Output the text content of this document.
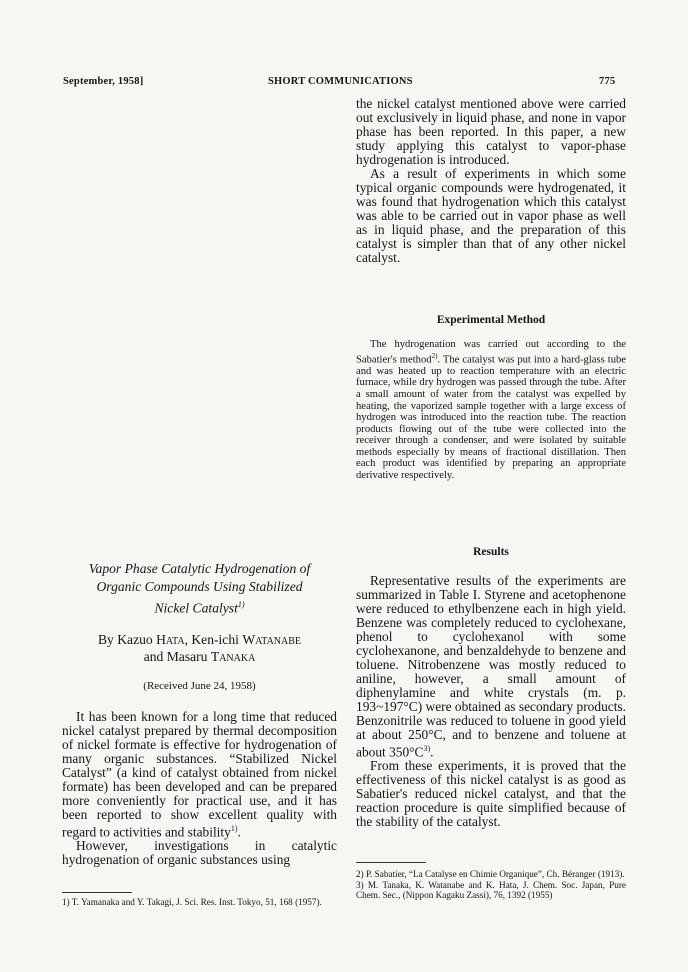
September, 1958]	SHORT COMMUNICATIONS	775

the nickel catalyst mentioned above were carried out exclusively in liquid phase, and none in vapor phase has been reported. In this paper, a new study applying this catalyst to vapor-phase hydrogenation is introduced.

As a result of experiments in which some typical organic compounds were hydrogenated, it was found that hydrogenation which this catalyst was able to be carried out in vapor phase as well as in liquid phase, and the preparation of this catalyst is simpler than that of any other nickel catalyst.

Experimental Method

The hydrogenation was carried out according to the Sabatier's method$^{2)}$. The catalyst was put into a hard-glass tube and was heated up to reaction temperature with an electric furnace, while dry hydrogen was passed through the tube. After a small amount of water from the catalyst was expelled by heating, the vaporized sample together with a large excess of hydrogen was introduced into the reaction tube. The reaction products flowing out of the tube were collected into the receiver through a condenser, and were isolated by suitable methods especially by means of fractional distillation. Then each product was identified by preparing an appropriate derivative respectively.

Vapor Phase Catalytic Hydrogenation of
Organic Compounds Using Stabilized
Nickel Catalyst$^{1)}$
By Kazuo Hata, Ken-ichi Watanabe
and Masaru Tanaka
(Received June 24, 1958)

It has been known for a long time that reduced nickel catalyst prepared by thermal decomposition of nickel formate is effective for hydrogenation of many organic substances. “Stabilized Nickel Catalyst” (a kind of catalyst obtained from nickel formate) has been developed and can be prepared more conveniently for practical use, and it has been reported to show excellent quality with regard to activities and stability$^{1)}$.

However, investigations in catalytic hydrogenation of organic substances using

1) T. Yamanaka and Y. Takagi, J. Sci. Res. Inst. Tokyo, 51, 168 (1957).
Results

Representative results of the experiments are summarized in Table I. Styrene and acetophenone were reduced to ethylbenzene each in high yield. Benzene was completely reduced to cyclohexane, phenol to cyclohexanol with some cyclohexanone, and benzaldehyde to benzene and toluene. Nitrobenzene was mostly reduced to aniline, however, a small amount of diphenylamine and white crystals (m. p. 193~197°C) were obtained as secondary products. Benzonitrile was reduced to toluene in good yield at about 250°C, and to benzene and toluene at about $350^\circ C^{3)}$.

From these experiments, it is proved that the effectiveness of this nickel catalyst is as good as Sabatier's reduced nickel catalyst, and that the reaction procedure is quite simplified because of the stability of the catalyst.

2) P. Sabatier, “La Catalyse en Chimie Organique”, Ch. Béranger (1913).

3) M. Tanaka, K. Watanabe and K. Hata, J. Chem. Soc. Japan, Pure Chem. Sec., (Nippon Kagaku Zassi), 76, 1392 (1955)
